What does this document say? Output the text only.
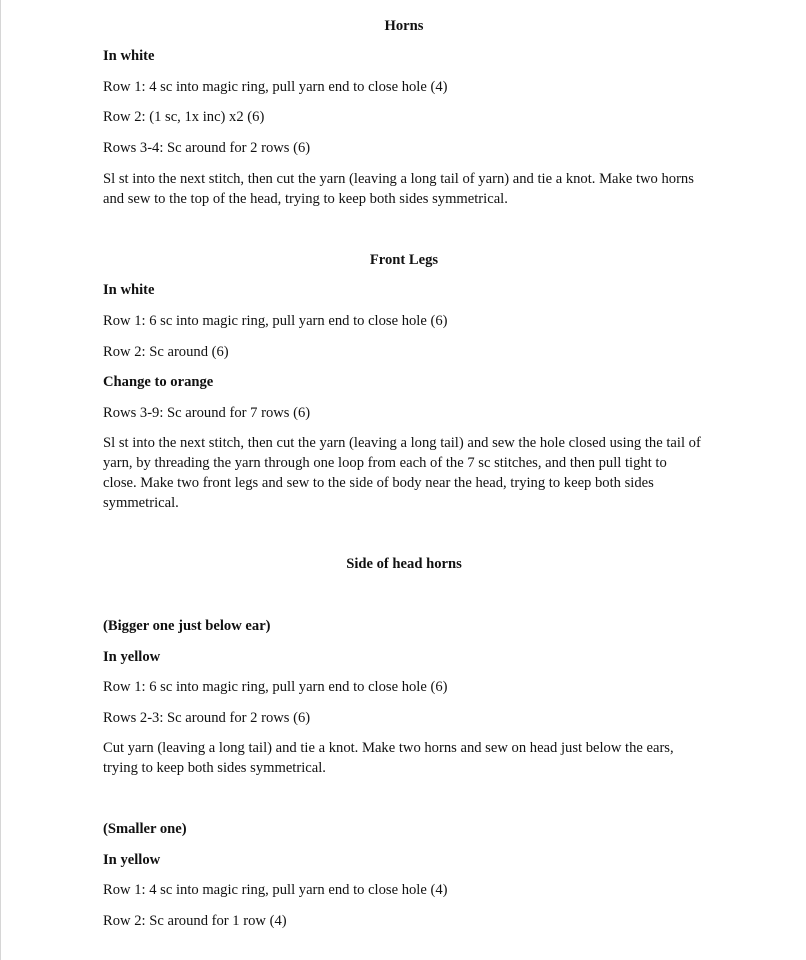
Horns
In white
Row 1: 4 sc into magic ring, pull yarn end to close hole (4)
Row 2: (1 sc, 1x inc) x2 (6)
Rows 3-4: Sc around for 2 rows (6)
Sl st into the next stitch, then cut the yarn (leaving a long tail of yarn) and tie a knot. Make two horns and sew to the top of the head, trying to keep both sides symmetrical.
Front Legs
In white
Row 1: 6 sc into magic ring, pull yarn end to close hole (6)
Row 2: Sc around (6)
Change to orange
Rows 3-9: Sc around for 7 rows (6)
Sl st into the next stitch, then cut the yarn (leaving a long tail) and sew the hole closed using the tail of yarn, by threading the yarn through one loop from each of the 7 sc stitches, and then pull tight to close. Make two front legs and sew to the side of body near the head, trying to keep both sides symmetrical.
Side of head horns
(Bigger one just below ear)
In yellow
Row 1: 6 sc into magic ring, pull yarn end to close hole (6)
Rows 2-3: Sc around for 2 rows (6)
Cut yarn (leaving a long tail) and tie a knot. Make two horns and sew on head just below the ears, trying to keep both sides symmetrical.
(Smaller one)
In yellow
Row 1: 4 sc into magic ring, pull yarn end to close hole (4)
Row 2: Sc around for 1 row (4)
